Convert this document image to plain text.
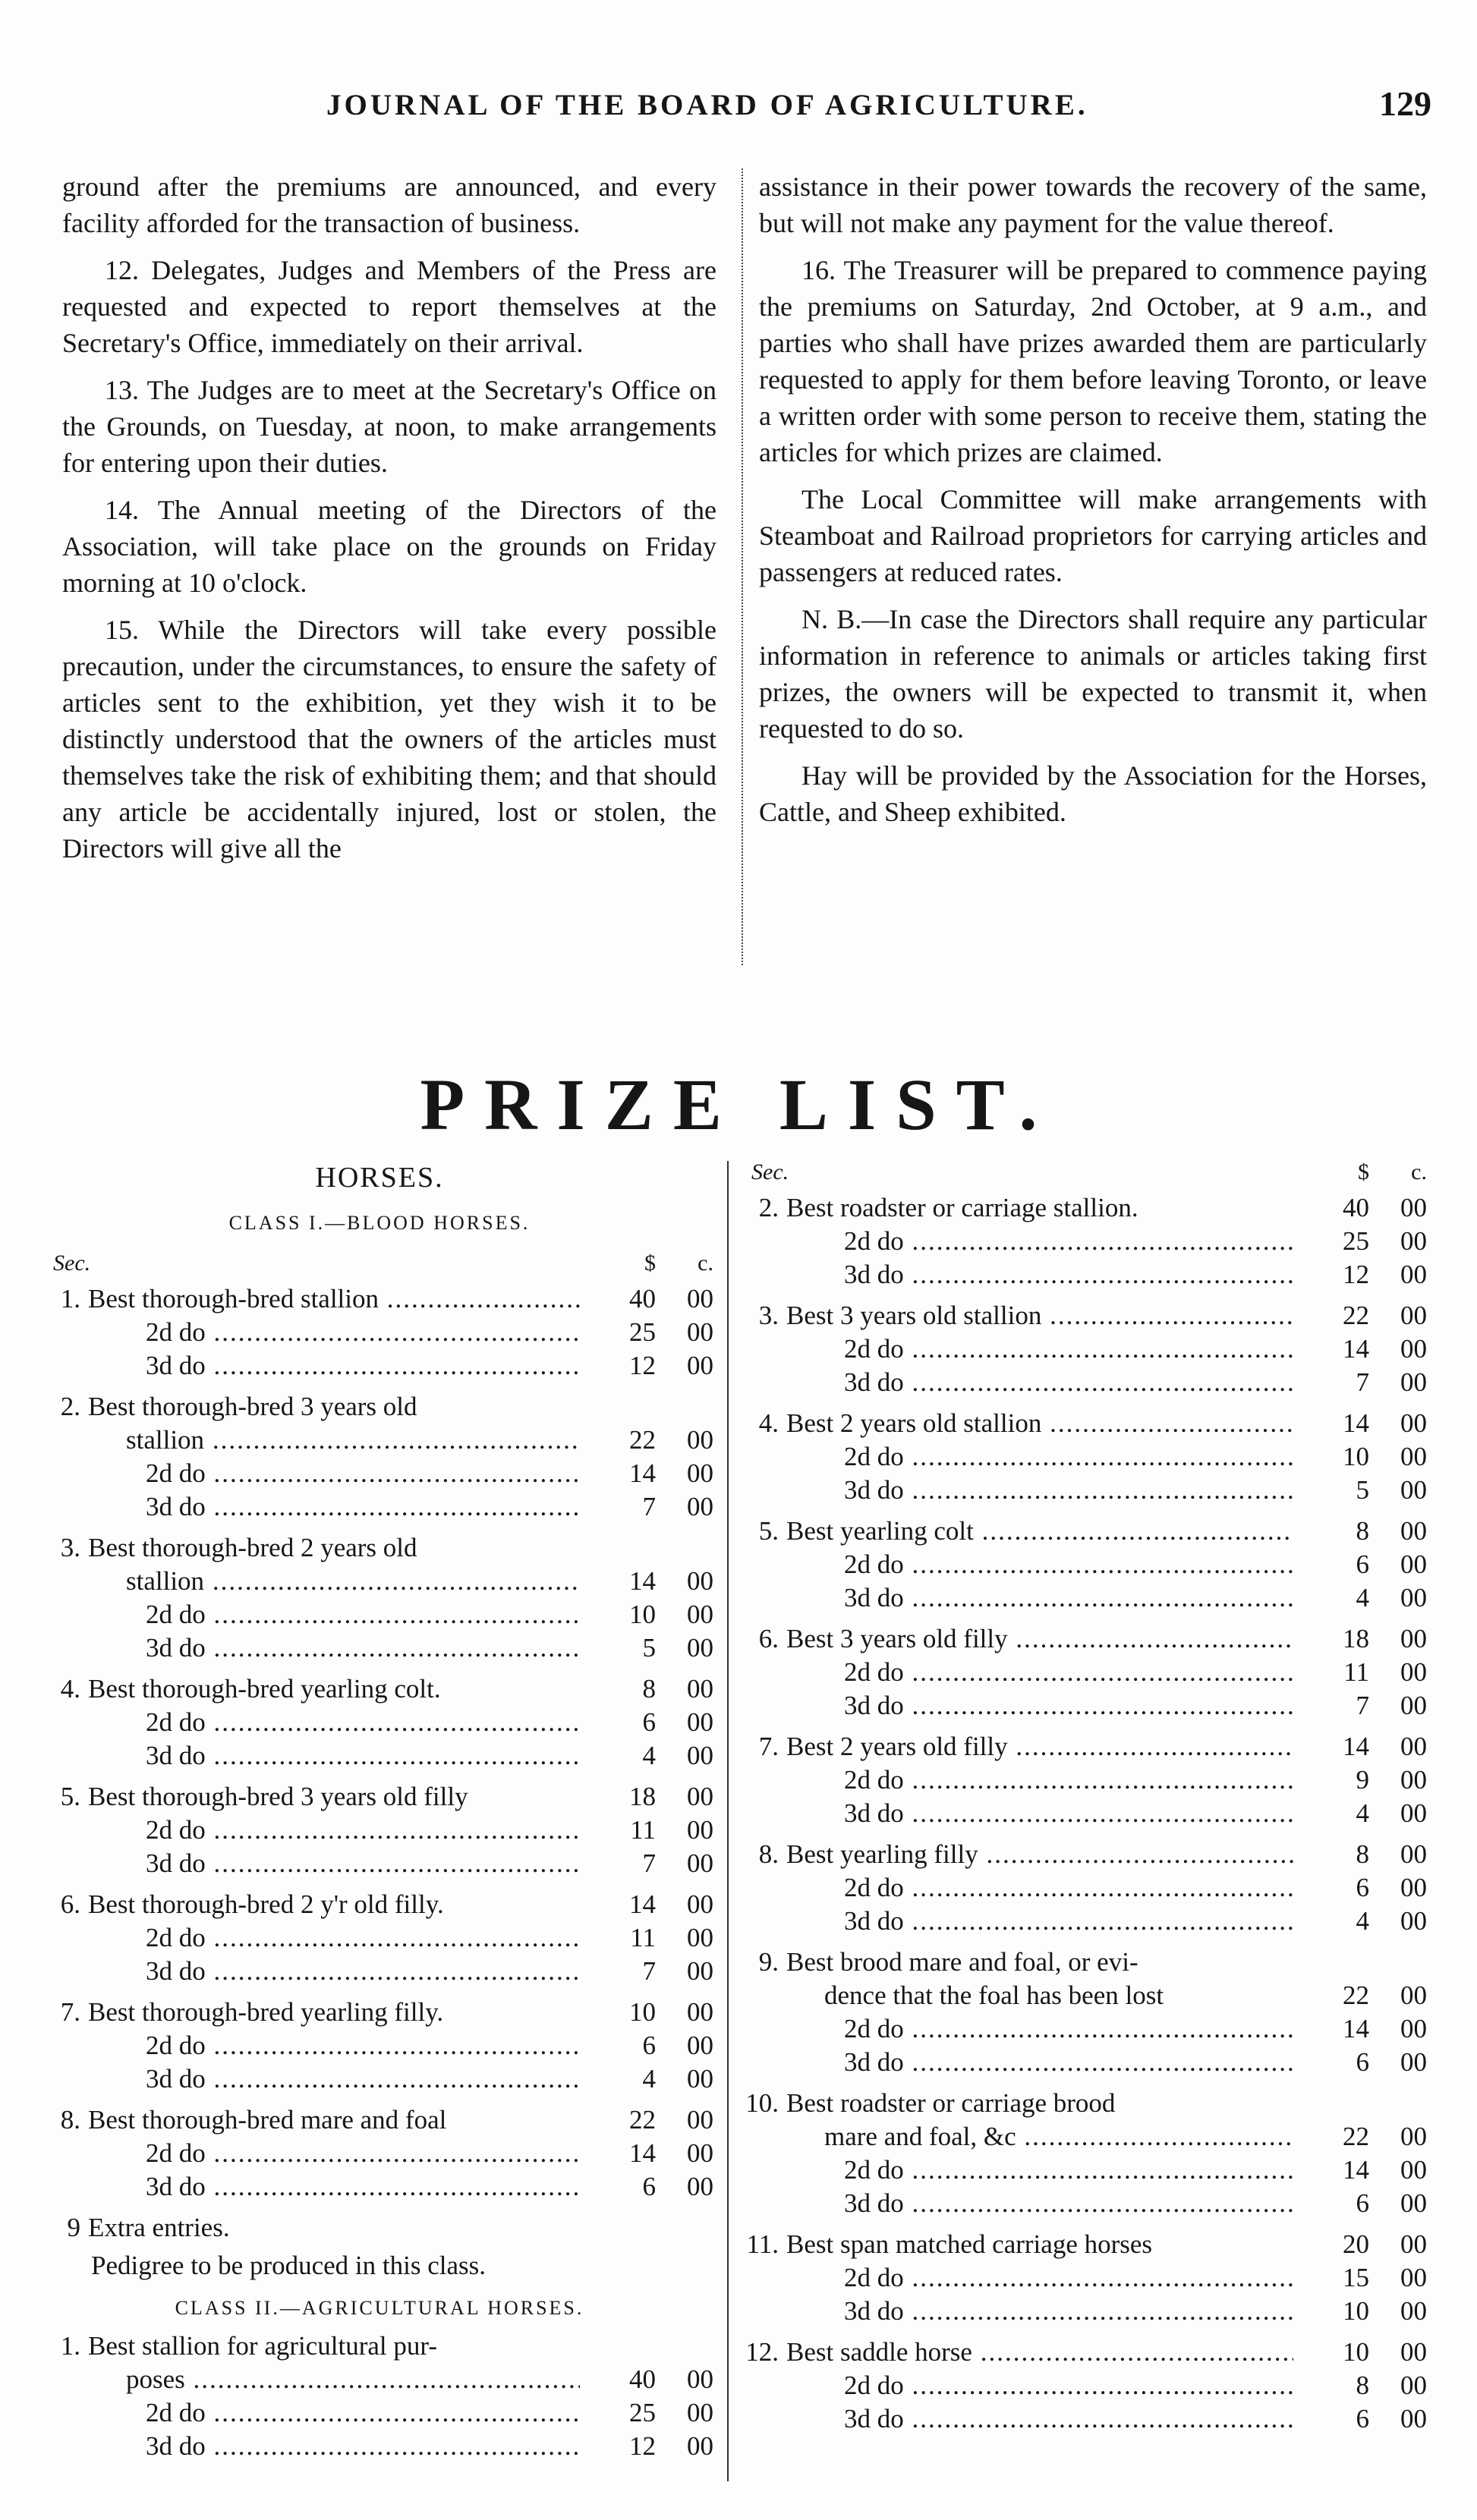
JOURNAL OF THE BOARD OF AGRICULTURE.	129

ground after the premiums are announced, and every facility afforded for the transaction of business.

12. Delegates, Judges and Members of the Press are requested and expected to report themselves at the Secretary's Office, immediately on their arrival.

13. The Judges are to meet at the Secretary's Office on the Grounds, on Tuesday, at noon, to make arrangements for entering upon their duties.

14. The Annual meeting of the Directors of the Association, will take place on the grounds on Friday morning at 10 o'clock.

15. While the Directors will take every possible precaution, under the circumstances, to ensure the safety of articles sent to the exhibition, yet they wish it to be distinctly understood that the owners of the articles must themselves take the risk of exhibiting them; and that should any article be accidentally injured, lost or stolen, the Directors will give all the

assistance in their power towards the recovery of the same, but will not make any payment for the value thereof.

16. The Treasurer will be prepared to commence paying the premiums on Saturday, 2nd October, at 9 a.m., and parties who shall have prizes awarded them are particularly requested to apply for them before leaving Toronto, or leave a written order with some person to receive them, stating the articles for which prizes are claimed.

The Local Committee will make arrangements with Steamboat and Railroad proprietors for carrying articles and passengers at reduced rates.

N. B.—In case the Directors shall require any particular information in reference to animals or articles taking first prizes, the owners will be expected to transmit it, when requested to do so.

Hay will be provided by the Association for the Horses, Cattle, and Sheep exhibited.

PRIZE LIST.
HORSES.
CLASS I.—BLOOD HORSES.
Sec.	$	c.
1. Best thorough-bred stallion .....	40	00
2d do .....	25	00
3d do .....	12	00
2. Best thorough-bred 3 years old
stallion .....	22	00
2d do .....	14	00
3d do .....	7	00
3. Best thorough-bred 2 years old
stallion .....	14	00
2d do .....	10	00
3d do .....	5	00
4. Best thorough-bred yearling colt.	8	00
2d do .....	6	00
3d do .....	4	00
5. Best thorough-bred 3 years old filly	18	00
2d do .....	11	00
3d do .....	7	00
6. Best thorough-bred 2 y'r old filly.	14	00
2d do .....	11	00
3d do .....	7	00
7. Best thorough-bred yearling filly.	10	00
2d do .....	6	00
3d do .....	4	00
8. Best thorough-bred mare and foal	22	00
2d do .....	14	00
3d do .....	6	00
9 Extra entries.
Pedigree to be produced in this class.
CLASS II.—AGRICULTURAL HORSES.
1. Best stallion for agricultural pur-
poses .....	40	00
2d do .....	25	00
3d do .....	12	00
Sec.	$	c.
2. Best roadster or carriage stallion.	40	00
2d do .....	25	00
3d do .....	12	00
3. Best 3 years old stallion .....	22	00
2d do .....	14	00
3d do .....	7	00
4. Best 2 years old stallion .....	14	00
2d do .....	10	00
3d do .....	5	00
5. Best yearling colt .....	8	00
2d do .....	6	00
3d do .....	4	00
6. Best 3 years old filly .....	18	00
2d do .....	11	00
3d do .....	7	00
7. Best 2 years old filly .....	14	00
2d do .....	9	00
3d do .....	4	00
8. Best yearling filly .....	8	00
2d do .....	6	00
3d do .....	4	00
9. Best brood mare and foal, or evi-
dence that the foal has been lost	22	00
2d do .....	14	00
3d do .....	6	00
10. Best roadster or carriage brood
mare and foal, &c .....	22	00
2d do .....	14	00
3d do .....	6	00
11. Best span matched carriage horses	20	00
2d do .....	15	00
3d do .....	10	00
12. Best saddle horse .....	10	00
2d do .....	8	00
3d do .....	6	00
